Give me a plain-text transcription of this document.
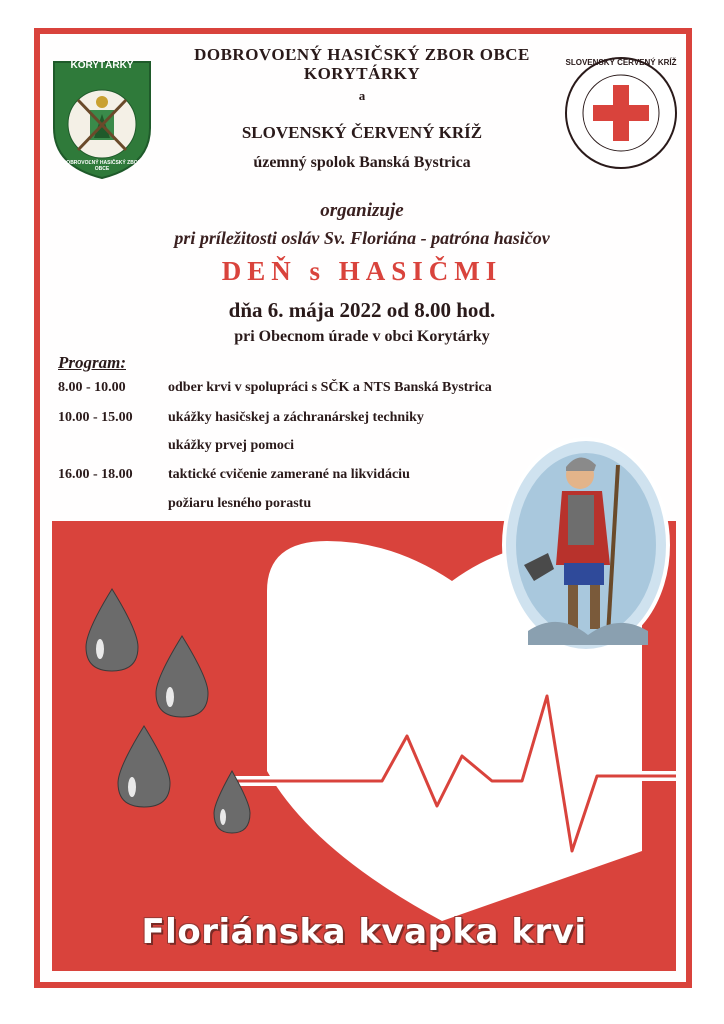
KORYTÁRKY
DOBROVOĽNÝ HASIČSKÝ ZBOR OBCE
SLOVENSKÝ ČERVENÝ KRÍŽ
DOBROVOĽNÝ HASIČSKÝ ZBOR OBCE
KORYTÁRKY
a
SLOVENSKÝ ČERVENÝ KRÍŽ
územný spolok Banská Bystrica
organizuje
pri príležitosti osláv Sv. Floriána - patróna hasičov
DEŇ s HASIČMI
dňa 6. mája 2022 od 8.00 hod.
pri Obecnom úrade v obci Korytárky
Program:
8.00 - 10.00	odber krvi v spolupráci s SČK a NTS Banská Bystrica
10.00 - 15.00	ukážky hasičskej a záchranárskej techniky
ukážky prvej pomoci
16.00 - 18.00	taktické cvičenie zamerané na likvidáciu
požiaru lesného porastu
Floriánska kvapka krvi
